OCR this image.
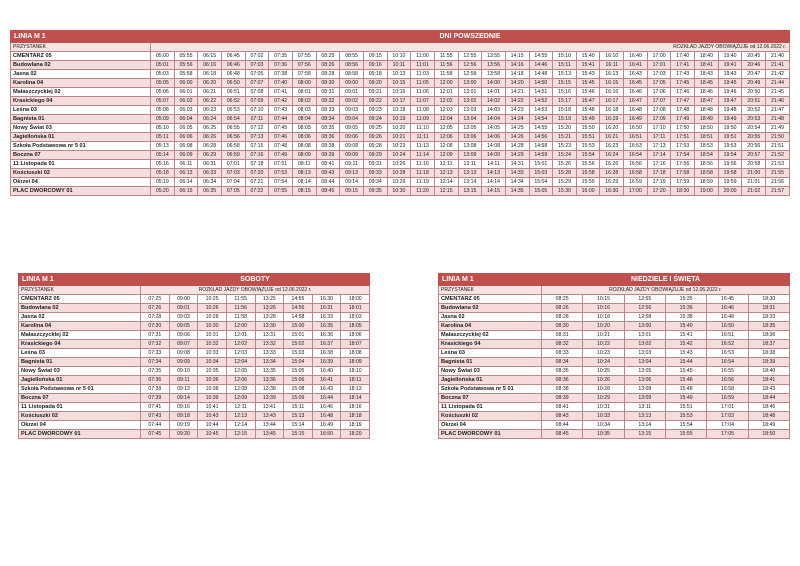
LINIA M 1	DNI POWSZEDNIE																										
PRZYSTANEK	ROZKŁAD JAZDY OBOWIĄZUJE od 12.06.2022 r.																										
CMENTARZ 05	05:00	05:55	06:15	06:45	07:02	07:35	07:55	08:25	08:55	09:15	10:10	11:00	11:55	12:55	13:55	14:15	14:55	15:10	15:40	16:10	16:40	17:00	17:40	18:40	19:40	20:45	21:40
Budowlana 02	05:01	05:56	06:16	06:46	07:03	07:36	07:56	08:26	08:56	09:16	10:11	11:01	11:56	12:56	13:56	14:16	14:46	15:11	15:41	16:11	16:41	17:01	17:41	18:41	19:41	20:46	21:41
Jasna 02	05:03	05:58	06:18	06:48	07:05	07:38	07:58	08:28	08:58	09:18	10:13	11:03	11:58	12:58	13:58	14:18	14:48	15:13	15:43	16:13	16:43	17:03	17:43	18:43	19:43	20:47	21:42
Karolina 04	05:05	06:00	06:20	06:50	07:07	07:40	08:00	08:30	09:00	09:20	10:15	11:05	12:00	13:00	14:00	14:20	14:50	15:15	15:45	16:15	16:45	17:05	17:45	18:45	19:45	20:49	21:44
Małaszczyckiej 02	05:06	06:01	06:21	06:51	07:08	07:41	08:01	08:31	09:01	09:21	10:16	11:06	12:01	13:01	14:01	14:21	14:51	15:16	15:46	16:16	16:46	17:06	17:46	18:46	19:46	20:50	21:45
Krasickiego 04	05:07	06:02	06:22	06:52	07:09	07:42	08:02	08:32	09:02	09:22	10:17	11:07	12:02	13:02	14:02	14:22	14:52	15:17	15:47	16:17	16:47	17:07	17:47	18:47	19:47	20:51	21:46
Leśna 03	05:08	06:03	06:23	06:53	07:10	07:43	08:03	08:33	09:03	09:23	10:18	11:08	12:03	13:03	14:03	14:23	14:53	15:18	15:48	16:18	16:48	17:08	17:48	18:48	19:48	20:52	21:47
Bagnista 01	05:09	06:04	06:24	06:54	07:11	07:44	08:04	08:34	09:04	09:24	10:19	11:09	12:04	13:04	14:04	14:24	14:54	15:19	15:49	16:19	16:49	17:09	17:49	18:49	19:49	20:53	21:48
Nowy Świat 03	05:10	06:05	06:25	06:55	07:12	07:45	08:05	08:35	09:05	09:25	10:20	11:10	12:05	13:05	14:05	14:25	14:55	15:20	15:50	16:20	16:50	17:10	17:50	18:50	19:50	20:54	21:49
Jagiellońska 01	05:11	06:06	06:26	06:56	07:13	07:46	08:06	08:36	09:06	09:26	10:21	11:11	12:06	13:06	14:06	14:26	14:56	15:21	15:51	16:21	16:51	17:11	17:51	18:51	19:51	20:55	21:50
Szkoła Podstawowa nr 5 01	05:13	06:08	06:28	06:58	07:15	07:48	08:08	08:38	09:08	09:28	10:23	11:13	12:08	13:08	14:08	14:28	14:58	15:23	15:53	16:23	16:53	17:13	17:53	18:53	19:53	20:56	21:51
Boczna 07	05:14	06:09	06:29	06:59	07:16	07:49	08:09	08:39	09:09	09:29	10:24	11:14	12:09	13:09	14:09	14:29	14:59	15:24	15:54	16:24	16:54	17:14	17:54	18:54	19:54	20:57	21:52
11 Listopada 01	05:16	06:11	06:31	07:01	07:18	07:51	08:11	08:41	09:11	09:31	10:26	11:16	12:11	13:11	14:11	14:31	15:01	15:26	15:56	16:26	16:56	17:16	17:56	18:56	19:56	20:58	21:53
Kościuszki 02	05:18	06:13	06:33	07:03	07:20	07:53	08:13	08:43	09:13	09:33	10:28	11:18	12:13	13:13	14:13	14:33	15:03	15:28	15:58	16:28	16:58	17:18	17:58	18:58	19:58	21:00	21:55
Okrzei 04	05:19	06:14	06:34	07:04	07:21	07:54	08:14	08:44	09:14	09:34	10:29	11:19	12:14	13:14	14:14	14:34	15:04	15:29	15:59	16:29	16:59	17:19	17:59	18:59	19:59	21:01	21:56
PLAC DWORCOWY 01	05:20	06:15	06:35	07:05	07:22	07:55	08:15	08:45	09:15	09:35	10:30	11:20	12:15	13:15	14:15	14:35	15:05	15:30	16:00	16:30	17:00	17:20	18:00	19:00	20:00	21:02	21:57
LINIA M 1	SOBOTY							
PRZYSTANEK	ROZKŁAD JAZDY OBOWIĄZUJE od 12.06.2022 r.							
CMENTARZ 05	07:25	09:00	10:25	11:55	13:25	14:55	16:30	18:00
Budowlana 02	07:26	09:01	10:26	11:56	13:26	14:56	16:31	18:01
Jasna 02	07:28	09:03	10:28	11:58	13:28	14:58	16:33	18:03
Karolina 04	07:30	09:05	10:30	12:00	13:30	15:00	16:35	18:05
Małaszczyckiej 02	07:31	09:06	10:31	12:01	13:31	15:01	16:36	18:06
Krasickiego 04	07:32	09:07	10:32	12:02	13:32	15:02	16:37	18:07
Leśna 03	07:33	09:08	10:33	12:03	13:33	15:03	16:38	18:08
Bagnista 01	07:34	09:09	10:34	12:04	13:34	15:04	16:39	18:09
Nowy Świat 03	07:35	09:10	10:35	12:05	13:35	15:05	16:40	18:10
Jagiellońska 01	07:36	09:11	10:36	12:06	13:36	15:06	16:41	18:11
Szkoła Podstawowa nr 5 01	07:38	09:13	10:38	12:08	13:38	15:08	16:43	18:13
Boczna 07	07:39	09:14	10:39	12:09	13:39	15:09	16:44	18:14
11 Listopada 01	07:41	09:16	10:41	12:11	13:41	15:11	16:46	18:16
Kościuszki 02	07:43	09:18	10:43	12:13	13:43	15:13	16:48	18:18
Okrzei 04	07:44	09:19	10:44	12:14	13:44	15:14	16:49	18:19
PLAC DWORCOWY 01	07:45	09:20	10:45	12:15	13:45	15:15	16:50	18:20
LINIA M 1	NIEDZIELE I ŚWIĘTA					
PRZYSTANEK	ROZKŁAD JAZDY OBOWIĄZUJE od 12.06.2022 r.					
CMENTARZ 05	08:25	10:15	12:55	15:35	16:45	18:30
Budowlana 02	08:26	10:16	12:56	15:36	16:46	18:31
Jasna 02	08:28	10:18	12:58	15:38	16:48	18:33
Karolina 04	08:30	10:20	13:00	15:40	16:50	18:35
Małaszczyckiej 02	08:31	10:21	13:01	15:41	16:51	18:36
Krasickiego 04	08:32	10:22	13:02	15:42	16:52	18:37
Leśna 03	08:33	10:23	13:03	15:43	16:53	18:38
Bagnista 01	08:34	10:24	13:04	15:44	16:54	18:39
Nowy Świat 03	08:35	10:25	13:05	15:45	16:55	18:40
Jagiellońska 01	08:36	10:26	13:06	15:46	16:56	18:41
Szkoła Podstawowa nr 5 01	08:38	10:28	13:08	15:48	16:58	18:43
Boczna 07	08:39	10:29	13:09	15:49	16:59	18:44
11 Listopada 01	08:41	10:31	13:11	15:51	17:01	18:46
Kościuszki 02	08:43	10:33	13:13	15:53	17:03	18:48
Okrzei 04	08:44	10:34	13:14	15:54	17:04	18:49
PLAC DWORCOWY 01	08:45	10:35	13:15	15:55	17:05	18:50
